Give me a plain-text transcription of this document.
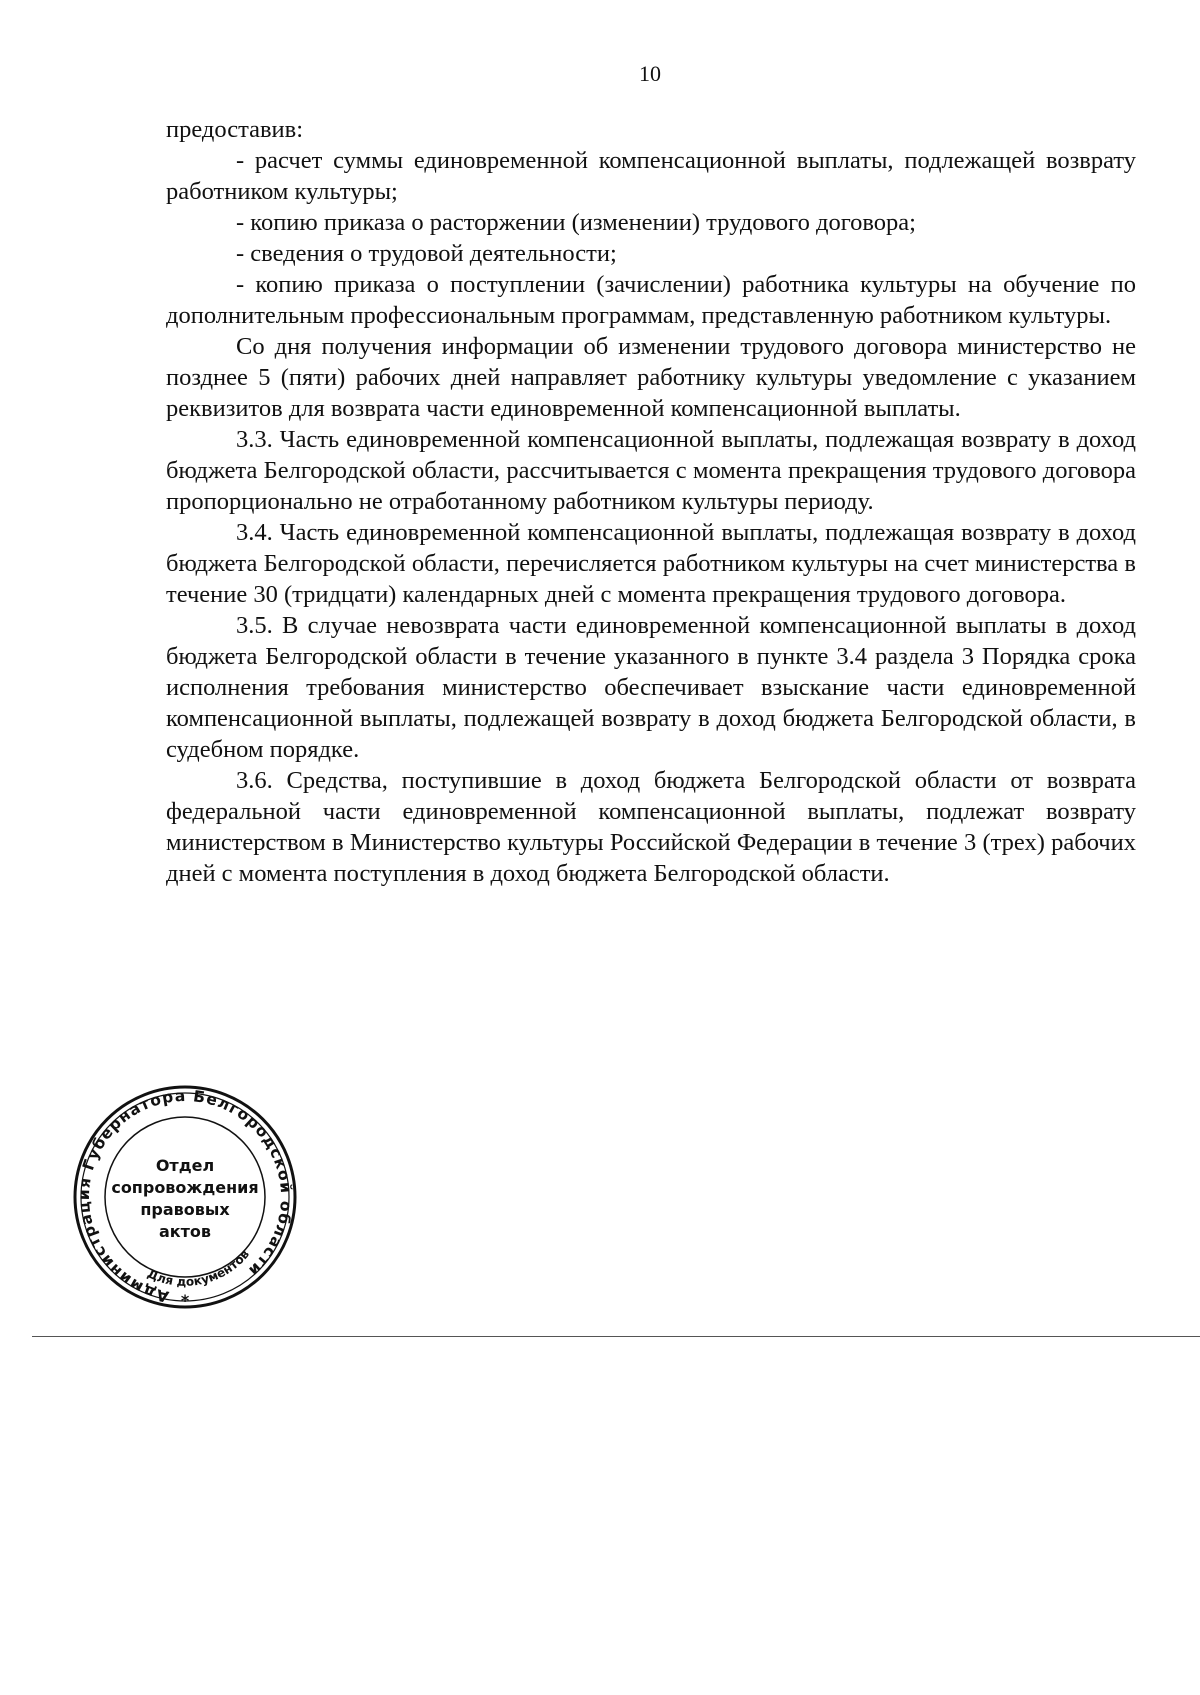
10

предоставив:

- расчет суммы единовременной компенсационной выплаты, подлежащей возврату работником культуры;

- копию приказа о расторжении (изменении) трудового договора;

- сведения о трудовой деятельности;

- копию приказа о поступлении (зачислении) работника культуры на обучение по дополнительным профессиональным программам, представленную работником культуры.

Со дня получения информации об изменении трудового договора министерство не позднее 5 (пяти) рабочих дней направляет работнику культуры уведомление с указанием реквизитов для возврата части единовременной компенсационной выплаты.

3.3. Часть единовременной компенсационной выплаты, подлежащая возврату в доход бюджета Белгородской области, рассчитывается с момента прекращения трудового договора пропорционально не отработанному работником культуры периоду.

3.4. Часть единовременной компенсационной выплаты, подлежащая возврату в доход бюджета Белгородской области, перечисляется работником культуры на счет министерства в течение 30 (тридцати) календарных дней с момента прекращения трудового договора.

3.5. В случае невозврата части единовременной компенсационной выплаты в доход бюджета Белгородской области в течение указанного в пункте 3.4 раздела 3 Порядка срока исполнения требования министерство обеспечивает взыскание части единовременной компенсационной выплаты, подлежащей возврату в доход бюджета Белгородской области, в судебном порядке.

3.6. Средства, поступившие в доход бюджета Белгородской области от возврата федеральной части единовременной компенсационной выплаты, подлежат возврату министерством в Министерство культуры Российской Федерации в течение 3 (трех) рабочих дней с момента поступления в доход бюджета Белгородской области.

Администрация Губернатора Белгородской области
Для документов
Отдел
сопровождения
правовых
актов
*
